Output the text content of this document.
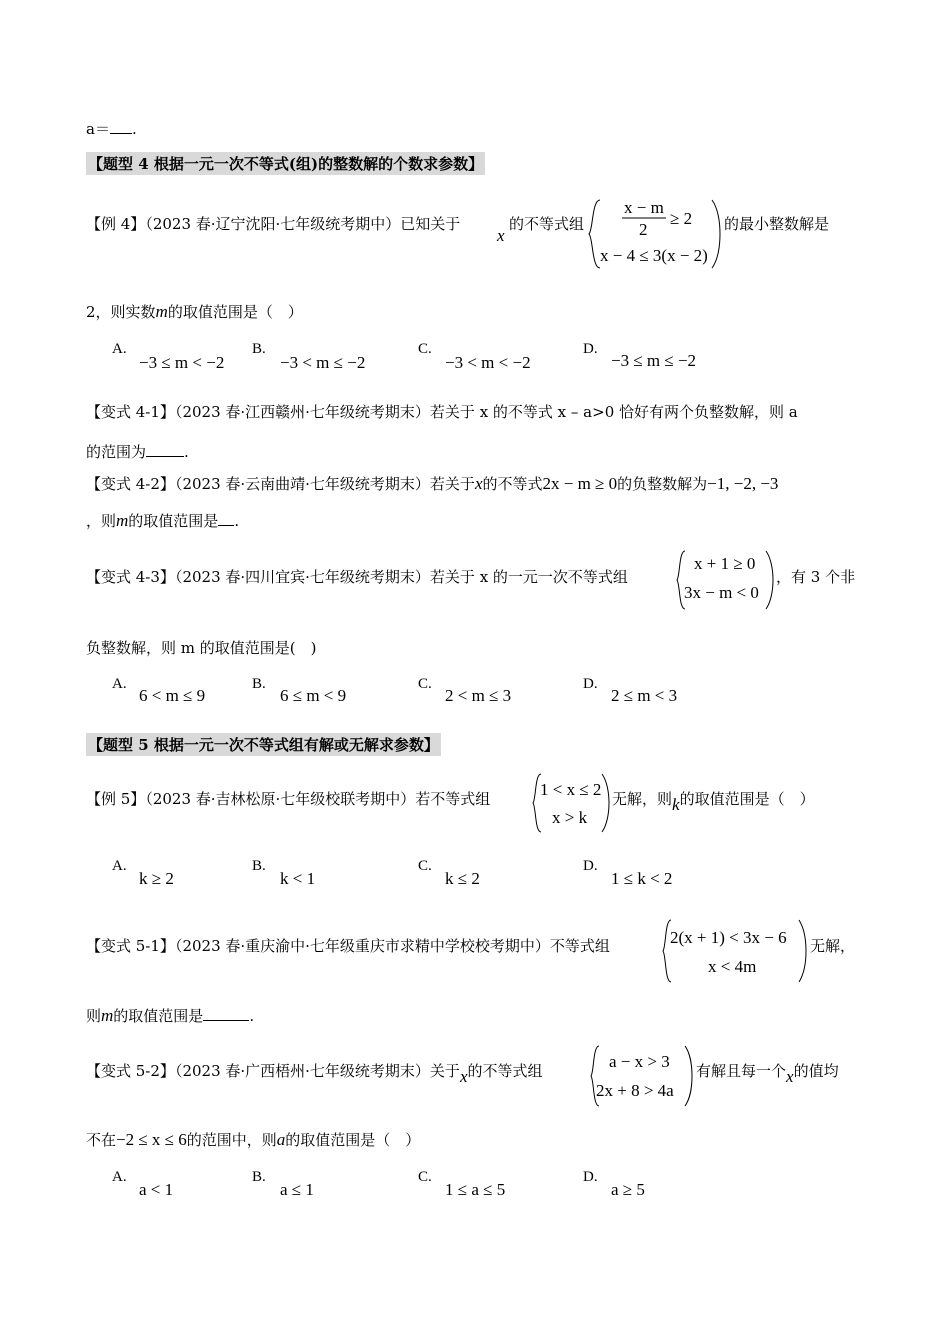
a＝ .
【题型 4 根据一元一次不等式(组)的整数解的个数求参数】
【例 4】（2023 春·辽宁沈阳·七年级统考期中）已知关于
x
的不等式组
x − m
2
≥ 2
x − 4 ≤ 3(x − 2)
的最小整数解是
2，则实数m的取值范围是（　）
A.
−3 ≤ m < −2
B.
−3 < m ≤ −2
C.
−3 < m < −2
D.
−3 ≤ m ≤ −2
【变式 4-1】（2023 春·江西赣州·七年级统考期末）若关于 x 的不等式 x – a>0 恰好有两个负整数解，则 a
的范围为	.
【变式 4-2】（2023 春·云南曲靖·七年级统考期末）若关于x的不等式2x − m ≥ 0的负整数解为−1, −2, −3
，则m的取值范围是 .
【变式 4-3】（2023 春·四川宜宾·七年级统考期末）若关于 x 的一元一次不等式组
x + 1 ≥ 0
3x − m < 0
，有 3 个非
负整数解，则 m 的取值范围是(　)
A.
6 < m ≤ 9
B.
6 ≤ m < 9
C.
2 < m ≤ 3
D.
2 ≤ m < 3
【题型 5 根据一元一次不等式组有解或无解求参数】
【例 5】（2023 春·吉林松原·七年级校联考期中）若不等式组	1 < x ≤ 2
x > k
无解，则k的取值范围是（　）
A.
k ≥ 2
B.
k < 1
C.
k ≤ 2
D.
1 ≤ k < 2
【变式 5-1】（2023 春·重庆渝中·七年级重庆市求精中学校校考期中）不等式组	2(x + 1) < 3x − 6
x < 4m
无解，
则m的取值范围是	.
【变式 5-2】（2023 春·广西梧州·七年级统考期末）关于x的不等式组	a − x > 3
2x + 8 > 4a
有解且每一个x的值均
不在−2 ≤ x ≤ 6的范围中，则a的取值范围是（　）
A.
a < 1
B.
a ≤ 1
C.
1 ≤ a ≤ 5
D.
a ≥ 5
